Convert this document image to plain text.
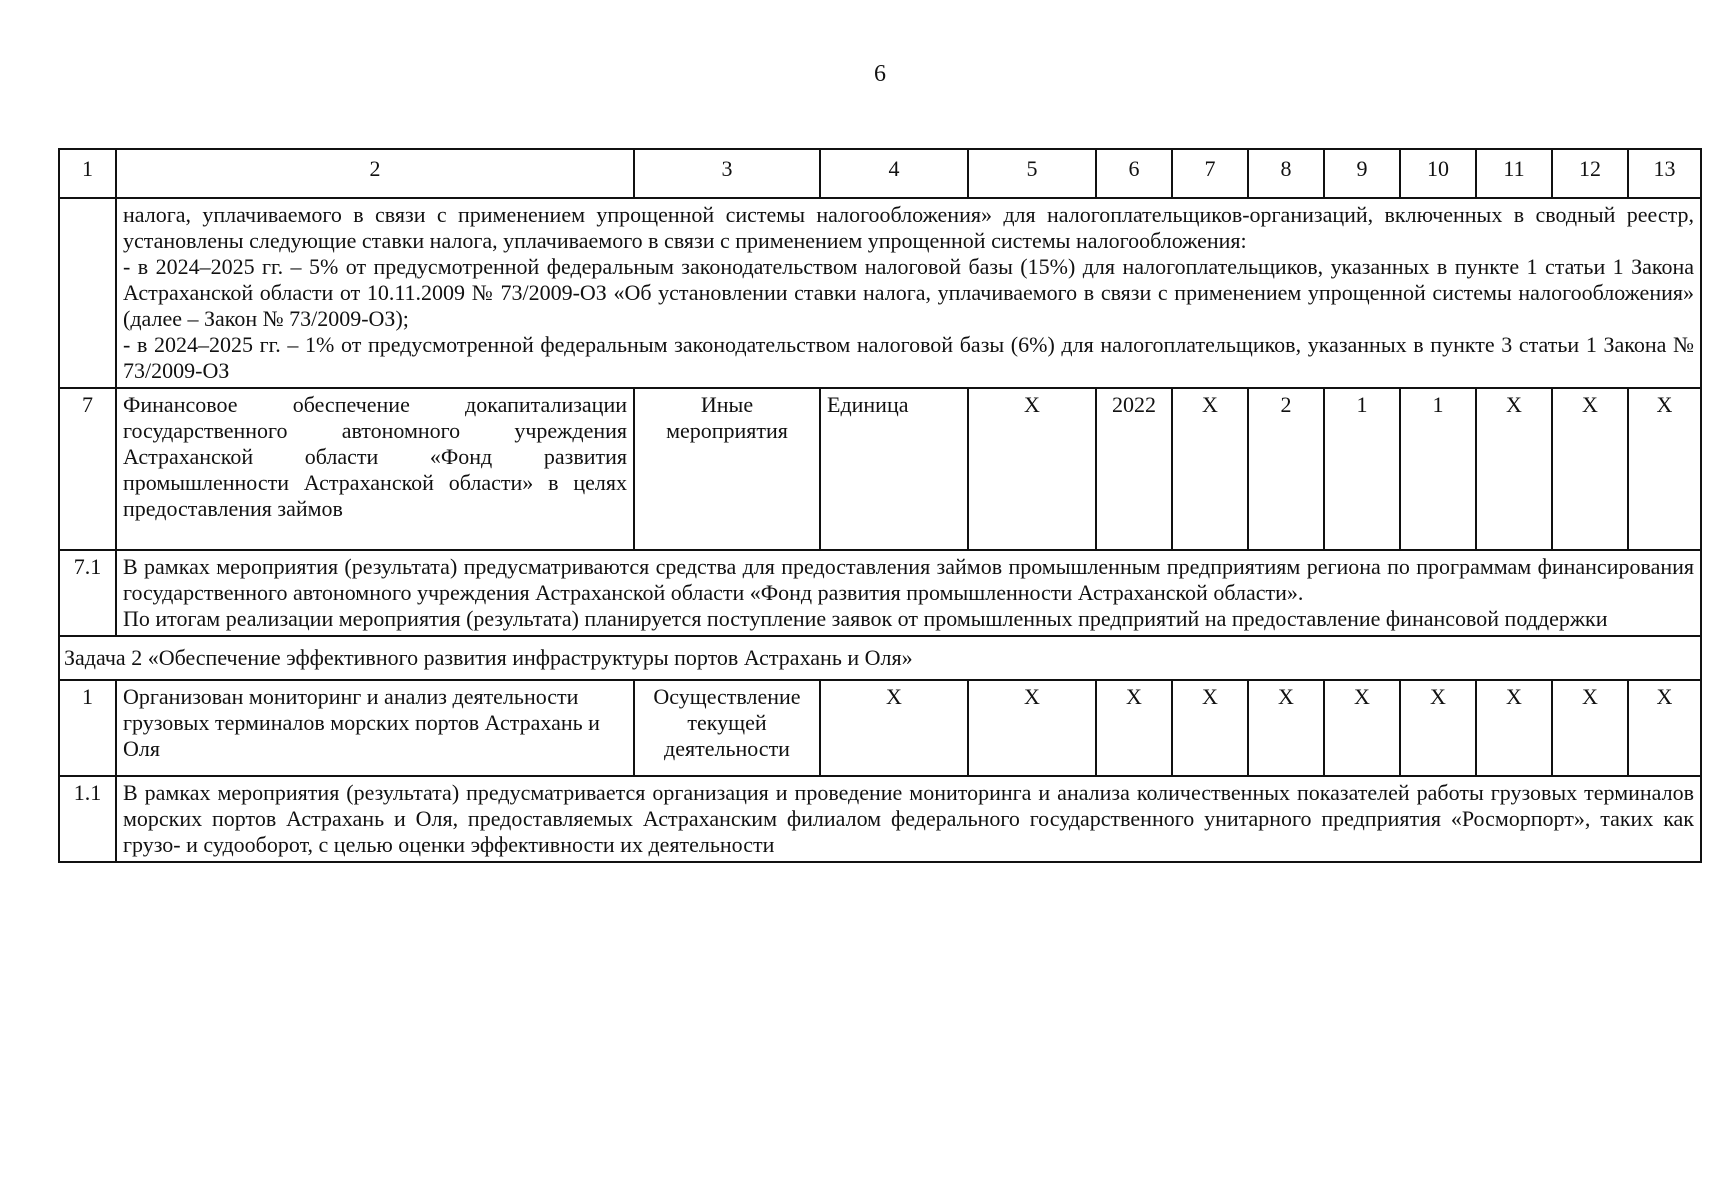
6
1	2	3	4	5	6	7	8	9	10	11	12	13

	налога, уплачиваемого в связи с применением упрощенной системы налогообложения» для налогоплательщиков-организаций, включенных в сводный реестр, установлены следующие ставки налога, уплачиваемого в связи с применением упрощенной системы налогообложения:
- в 2024–2025 гг. – 5% от предусмотренной федеральным законодательством налоговой базы (15%) для налогоплательщиков, указанных в пункте 1 статьи 1 Закона Астраханской области от 10.11.2009 № 73/2009-ОЗ «Об установлении ставки налога, уплачиваемого в связи с применением упрощенной системы налогообложения» (далее – Закон № 73/2009-ОЗ);
- в 2024–2025 гг. – 1% от предусмотренной федеральным законодательством налоговой базы (6%) для налогоплательщиков, указанных в пункте 3 статьи 1 Закона № 73/2009-ОЗ											

7	Финансовое обеспечение докапитализации государственного автономного учреждения Астраханской области «Фонд развития промышленности Астраханской области» в целях предоставления займов	Иные мероприятия	Единица	X	2022	X	2	1	1	X	X	X
7.1	В рамках мероприятия (результата) предусматриваются средства для предоставления займов промышленным предприятиям региона по программам финансирования государственного автономного учреждения Астраханской области «Фонд развития промышленности Астраханской области».
По итогам реализации мероприятия (результата) планируется поступление заявок от промышленных предприятий на предоставление финансовой поддержки											

Задача 2 «Обеспечение эффективного развития инфраструктуры портов Астрахань и Оля»												
1	Организован мониторинг и анализ деятельности грузовых терминалов морских портов Астрахань и Оля	Осуществление текущей деятельности	X	X	X	X	X	X	X	X	X	X
1.1	В рамках мероприятия (результата) предусматривается организация и проведение мониторинга и анализа количественных показателей работы грузовых терминалов морских портов Астрахань и Оля, предоставляемых Астраханским филиалом федерального государственного унитарного предприятия «Росморпорт», таких как грузо- и судооборот, с целью оценки эффективности их деятельности											
